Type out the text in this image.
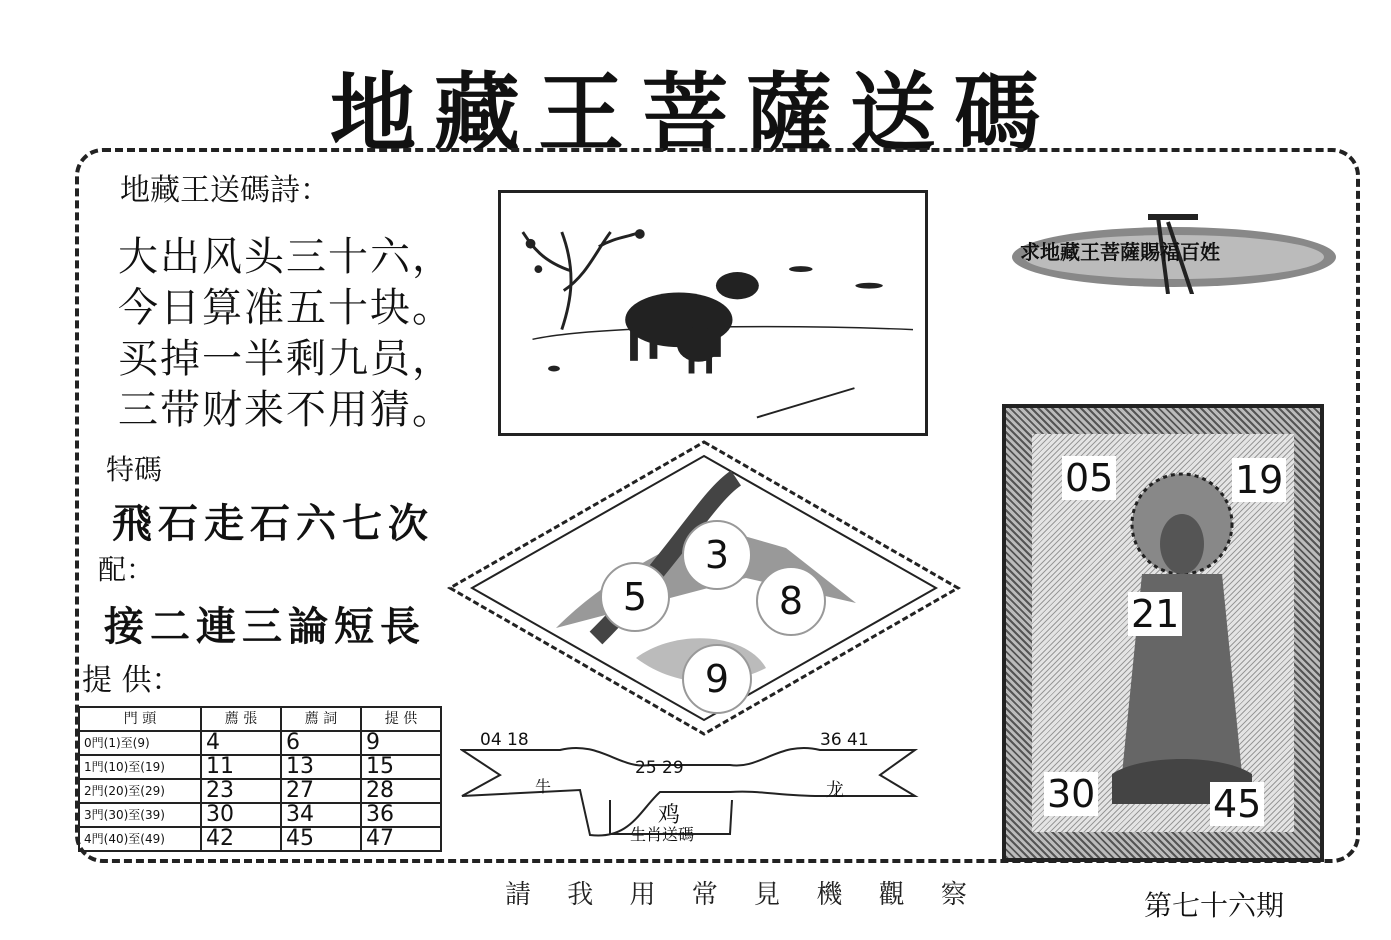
地藏王菩薩送碼
地藏王送碼詩：
大出风头三十六，
今日算准五十块。
买掉一半剩九员，
三带财来不用猜。
特碼
飛石走石六七次
配：
接二連三論短長
提 供：
門 頭	薦 張	薦 詞	提 供
0門(1)至(9)	4	6	9
1門(10)至(19)	11	13	15
2門(20)至(29)	23	27	28
3門(30)至(39)	30	34	36
4門(40)至(49)	42	45	47
求地藏王菩薩賜福百姓
3
5	8
9
04 18	36 41
25 29
牛	龙
鸡
生肖送碼
05	19
21
30	45
請 我 用 常 見 機 觀 察	第七十六期
